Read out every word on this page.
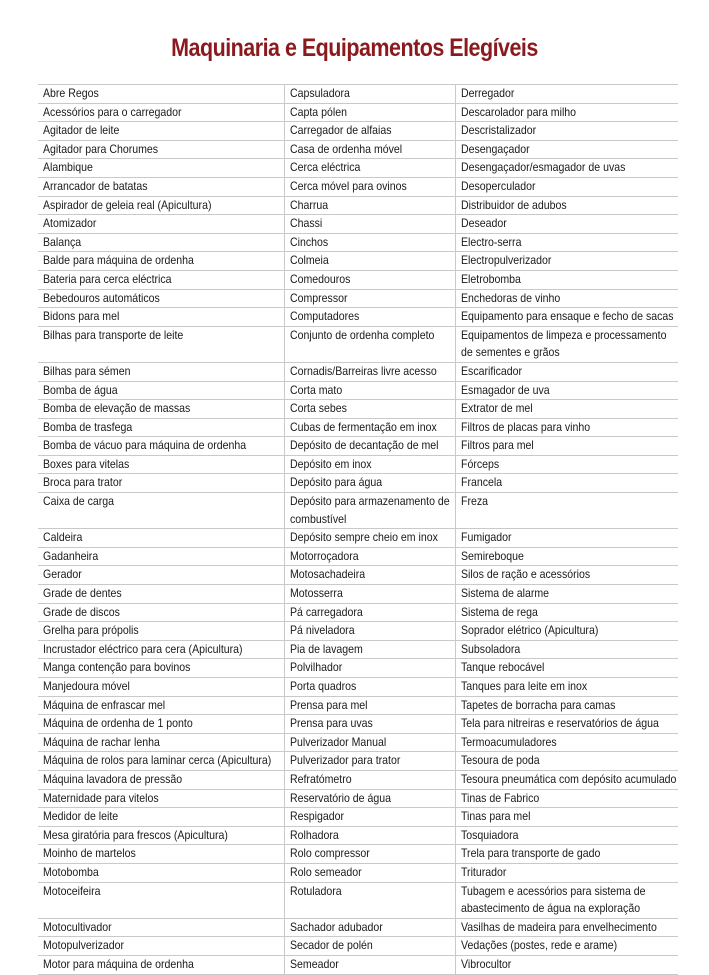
Maquinaria e Equipamentos Elegíveis
Abre Regos	Capsuladora	Derregador
Acessórios para o carregador	Capta pólen	Descarolador para milho
Agitador de leite	Carregador de alfaias	Descristalizador
Agitador para Chorumes	Casa de ordenha móvel	Desengaçador
Alambique	Cerca eléctrica	Desengaçador/esmagador de uvas
Arrancador de batatas	Cerca móvel para ovinos	Desoperculador
Aspirador de geleia real (Apicultura)	Charrua	Distribuidor de adubos
Atomizador	Chassi	Deseador
Balança	Cinchos	Electro-serra
Balde para máquina de ordenha	Colmeia	Electropulverizador
Bateria para cerca eléctrica	Comedouros	Eletrobomba
Bebedouros automáticos	Compressor	Enchedoras de vinho
Bidons para mel	Computadores	Equipamento para ensaque e fecho de sacas
Bilhas para transporte de leite	Conjunto de ordenha completo	Equipamentos de limpeza e processamento de sementes e grãos
Bilhas para sémen	Cornadis/Barreiras livre acesso	Escarificador
Bomba de água	Corta mato	Esmagador de uva
Bomba de elevação de massas	Corta sebes	Extrator de mel
Bomba de trasfega	Cubas de fermentação em inox	Filtros de placas para vinho
Bomba de vácuo para máquina de ordenha	Depósito de decantação de mel	Filtros para mel
Boxes para vitelas	Depósito em inox	Fórceps
Broca para trator	Depósito para água	Francela
Caixa de carga	Depósito para armazenamento de combustível	Freza
Caldeira	Depósito sempre cheio em inox	Fumigador
Gadanheira	Motorroçadora	Semireboque
Gerador	Motosachadeira	Silos de ração e acessórios
Grade de dentes	Motosserra	Sistema de alarme
Grade de discos	Pá carregadora	Sistema de rega
Grelha para própolis	Pá niveladora	Soprador elétrico (Apicultura)
Incrustador eléctrico para cera (Apicultura)	Pia de lavagem	Subsoladora
Manga contenção para bovinos	Polvilhador	Tanque rebocável
Manjedoura móvel	Porta quadros	Tanques para leite em inox
Máquina de enfrascar mel	Prensa para mel	Tapetes de borracha para camas
Máquina de ordenha de 1 ponto	Prensa para uvas	Tela para nitreiras e reservatórios de água
Máquina de rachar lenha	Pulverizador Manual	Termoacumuladores
Máquina de rolos para laminar cerca (Apicultura)	Pulverizador para trator	Tesoura de poda
Máquina lavadora de pressão	Refratómetro	Tesoura pneumática com depósito acumulado
Maternidade para vitelos	Reservatório de água	Tinas de Fabrico
Medidor de leite	Respigador	Tinas para mel
Mesa giratória para frescos (Apicultura)	Rolhadora	Tosquiadora
Moinho de martelos	Rolo compressor	Trela para transporte de gado
Motobomba	Rolo semeador	Triturador
Motoceifeira	Rotuladora	Tubagem e acessórios para sistema de abastecimento de água na exploração
Motocultivador	Sachador adubador	Vasilhas de madeira para envelhecimento
Motopulverizador	Secador de polén	Vedações (postes, rede e arame)
Motor para máquina de ordenha	Semeador	Vibrocultor
